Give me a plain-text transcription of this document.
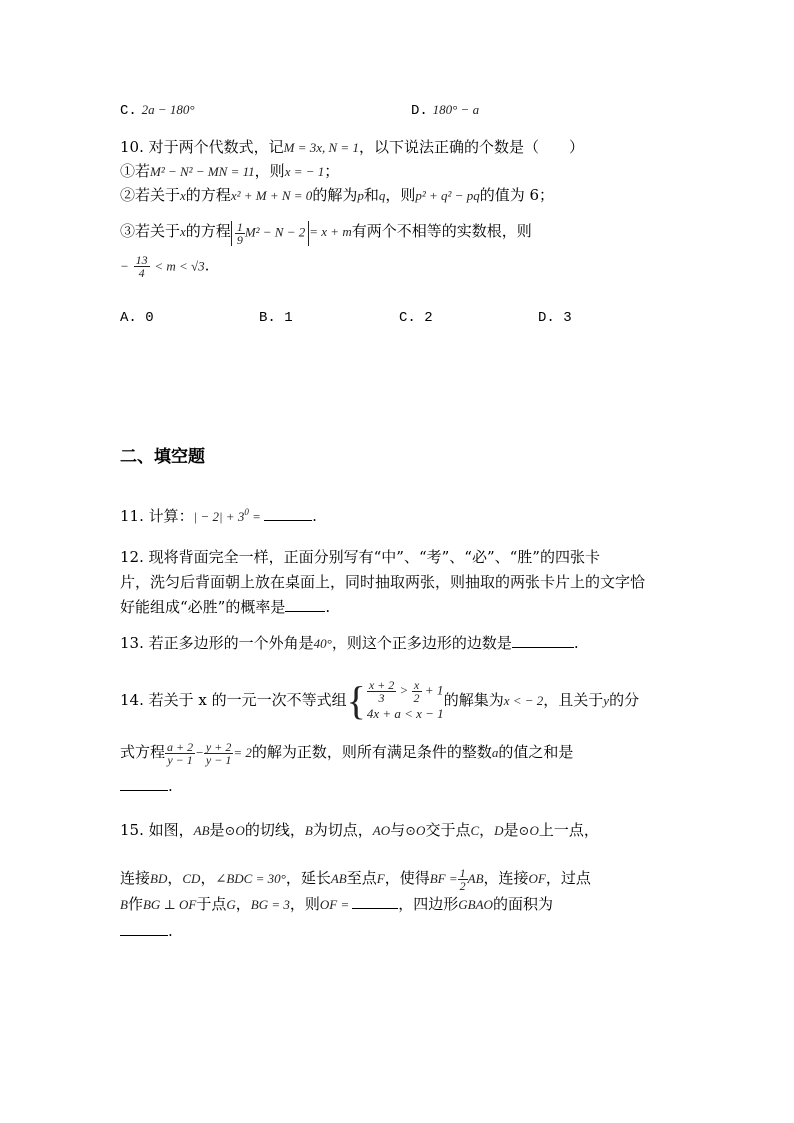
C. 2a − 180°	D. 180° − a
10. 对于两个代数式，记M = 3x, N = 1，以下说法正确的个数是（　　）
①若M² − N² − MN = 11，则x = − 1；
②若关于x的方程x² + M + N = 0的解为p和q，则p² + q² − pq的值为 6；
③若关于x的方程 $\frac{1}{9} M^2 - N - 2 = x + m$有两个不相等的实数根，则
− $\frac{13}{4} < m < √3$.
A. 0	B. 1	C. 2	D. 3
二、填空题
11. 计算：| − $2| + 3^0$ =	.
12. 现将背面完全一样，正面分别写有“中”、“考”、“必”、“胜”的四张卡
片，洗匀后背面朝上放在桌面上，同时抽取两张，则抽取的两张卡片上的文字恰
好能组成“必胜”的概率是	.
13. 若正多边形的一个外角是40°，则这个正多边形的边数是	.
14. 若关于 x 的一元一次不等式组 { $\frac{x + 2}{3} > \frac{x}{2} + 1$
4x + a < x − 1
的解集为x < − 2，且关于y的分
式方程 $\frac{a + 2}{y - 1} - \frac{y + 2}{y - 1} = 2$的解为正数，则所有满足条件的整数a的值之和是
.
15. 如图，AB是⊙O的切线，B为切点，AO与⊙O交于点C，D是⊙O上一点，
连接BD，CD，∠BDC = 30°，延长AB至点F，使得BF = $\frac{1}{2}$ AB，连接OF，过点
B作BG ⊥ OF于点G，BG = 3，则OF =	，四边形GBAO的面积为
.
